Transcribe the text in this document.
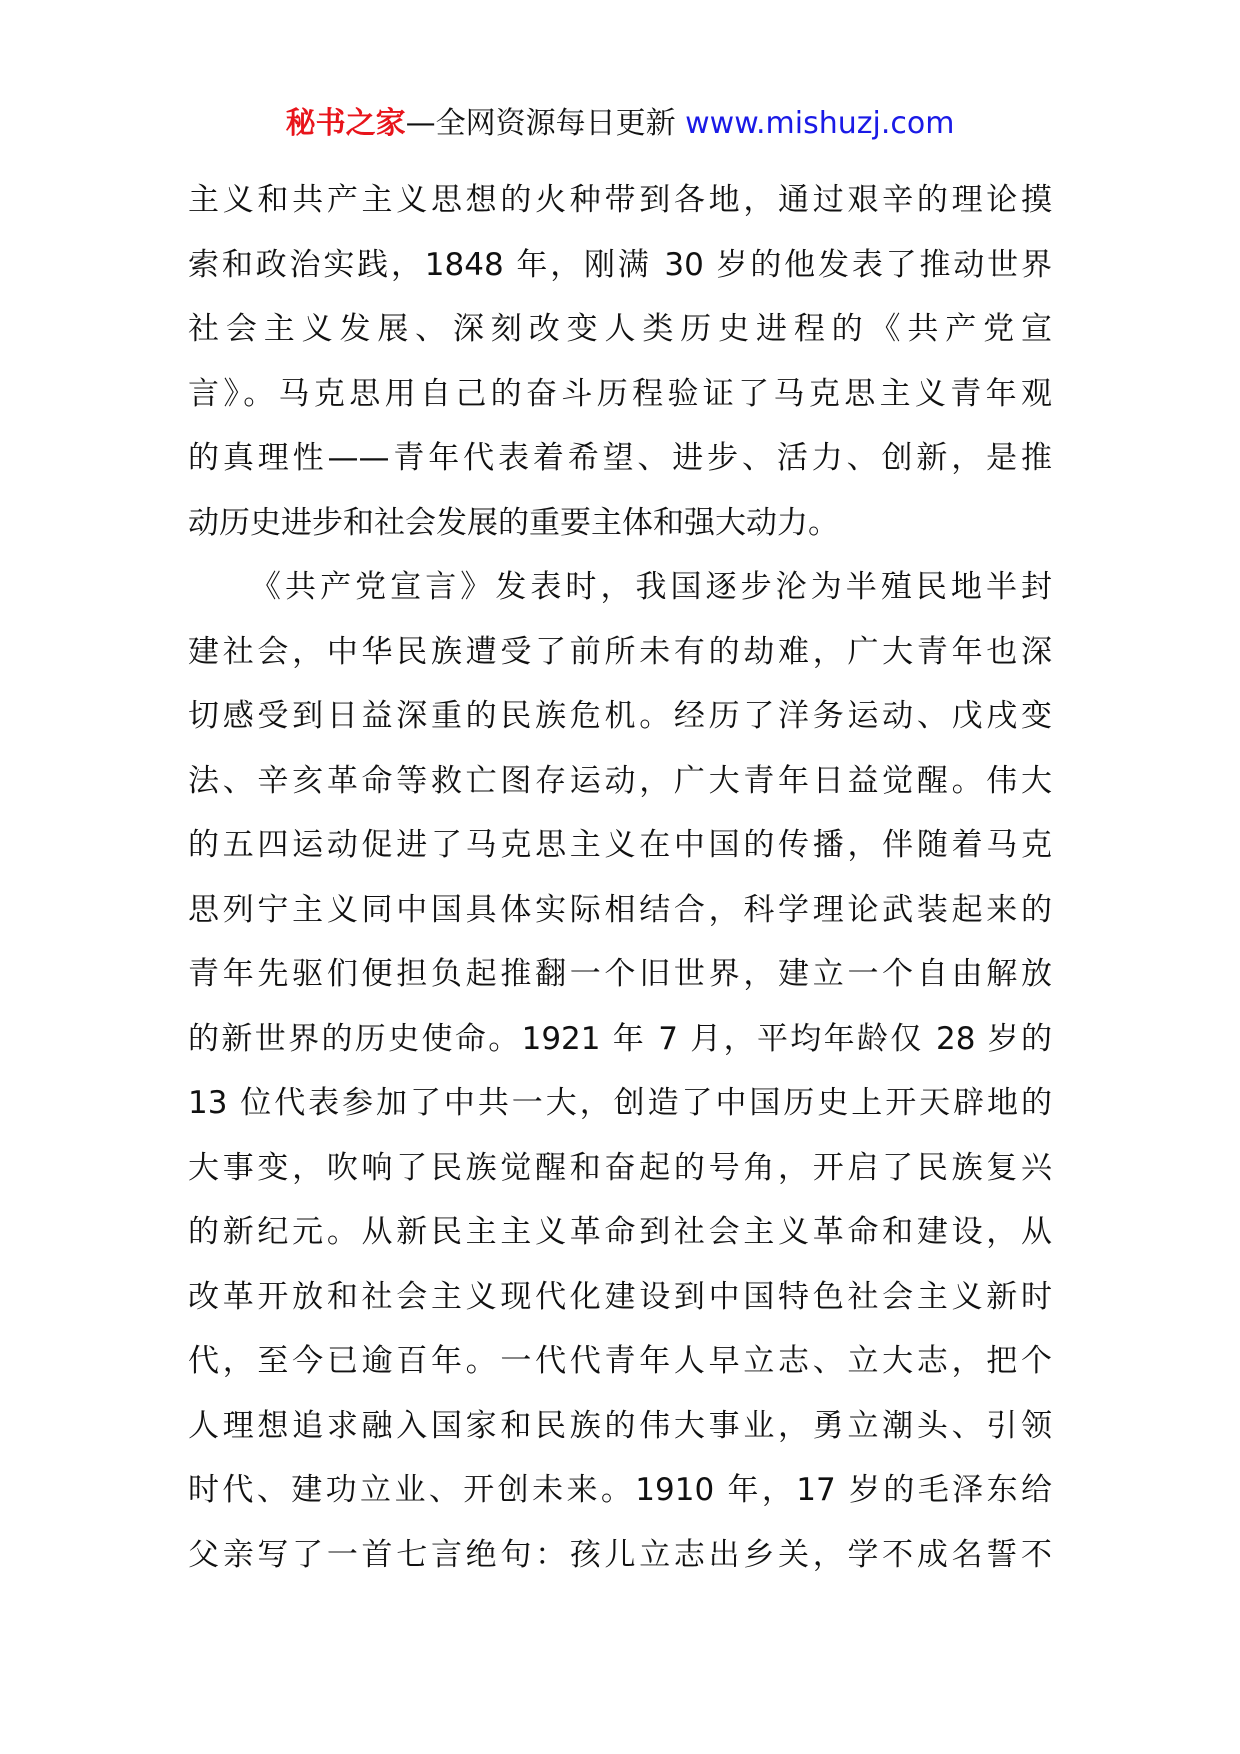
秘书之家—全网资源每日更新 www.mishuzj.com
主义和共产主义思想的火种带到各地，通过艰辛的理论摸
索和政治实践，1848 年，刚满 30 岁的他发表了推动世界
社会主义发展、深刻改变人类历史进程的《共产党宣
言》。马克思用自己的奋斗历程验证了马克思主义青年观
的真理性——青年代表着希望、进步、活力、创新，是推
动历史进步和社会发展的重要主体和强大动力。
《共产党宣言》发表时，我国逐步沦为半殖民地半封
建社会，中华民族遭受了前所未有的劫难，广大青年也深
切感受到日益深重的民族危机。经历了洋务运动、戊戌变
法、辛亥革命等救亡图存运动，广大青年日益觉醒。伟大
的五四运动促进了马克思主义在中国的传播，伴随着马克
思列宁主义同中国具体实际相结合，科学理论武装起来的
青年先驱们便担负起推翻一个旧世界，建立一个自由解放
的新世界的历史使命。1921 年 7 月，平均年龄仅 28 岁的
13 位代表参加了中共一大，创造了中国历史上开天辟地的
大事变，吹响了民族觉醒和奋起的号角，开启了民族复兴
的新纪元。从新民主主义革命到社会主义革命和建设，从
改革开放和社会主义现代化建设到中国特色社会主义新时
代，至今已逾百年。一代代青年人早立志、立大志，把个
人理想追求融入国家和民族的伟大事业，勇立潮头、引领
时代、建功立业、开创未来。1910 年，17 岁的毛泽东给
父亲写了一首七言绝句：孩儿立志出乡关，学不成名誓不
